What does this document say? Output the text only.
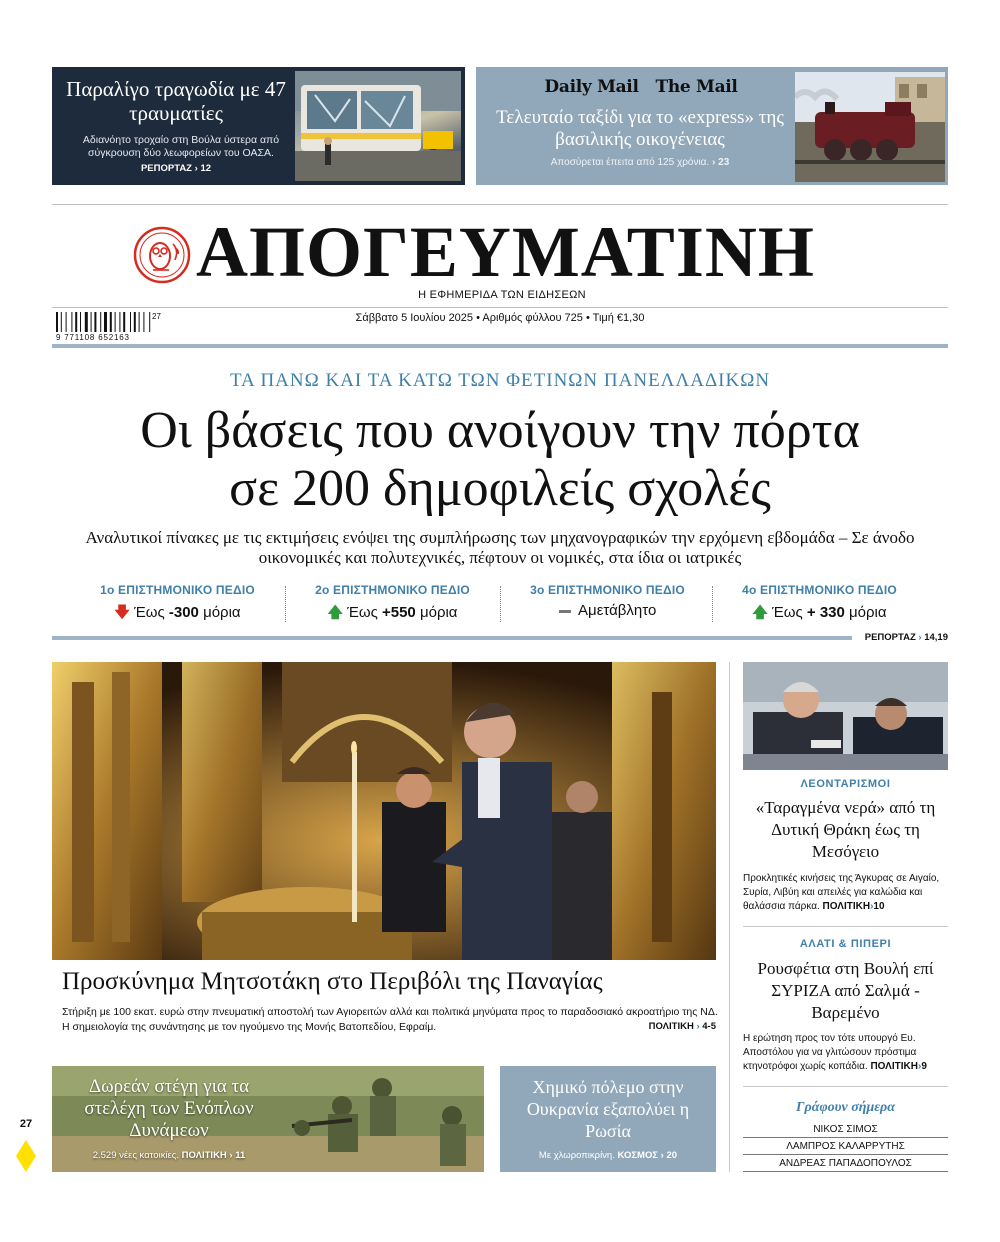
Παραλίγο τραγωδία με 47 τραυματίες
Αδιανόητο τροχαίο στη Βούλα ύστερα από σύγκρουση δύο λεωφορείων του ΟΑΣΑ.
ΡΕΠΟΡΤΑΖ › 12
Daily Mail The Mail
Τελευταίο ταξίδι για το «express» της βασιλικής οικογένειας
Αποσύρεται έπειτα από 125 χρόνια. › 23
ΑΠΟΓΕΥΜΑΤΙΝΗ
Η ΕΦΗΜΕΡΙΔΑ ΤΩΝ ΕΙΔΗΣΕΩΝ
9 771108 652163
27	Σάββατο 5 Ιουλίου 2025 • Αριθμός φύλλου 725 • Τιμή €1,30
ΤΑ ΠΑΝΩ ΚΑΙ ΤΑ ΚΑΤΩ ΤΩΝ ΦΕΤΙΝΩΝ ΠΑΝΕΛΛΑΔΙΚΩΝ
Οι βάσεις που ανοίγουν την πόρτα
σε 200 δημοφιλείς σχολές
Αναλυτικοί πίνακες με τις εκτιμήσεις ενόψει της συμπλήρωσης των μηχανογραφικών την ερχόμενη εβδομάδα – Σε άνοδο οικονομικές και πολυτεχνικές, πέφτουν οι νομικές, στα ίδια οι ιατρικές
1ο ΕΠΙΣΤΗΜΟΝΙΚΟ ΠΕΔΙΟ
🡇 Έως -300 μόρια
2ο ΕΠΙΣΤΗΜΟΝΙΚΟ ΠΕΔΙΟ
🡅 Έως +550 μόρια
3ο ΕΠΙΣΤΗΜΟΝΙΚΟ ΠΕΔΙΟ
Αμετάβλητο
4ο ΕΠΙΣΤΗΜΟΝΙΚΟ ΠΕΔΙΟ
🡅 Έως + 330 μόρια
ΡΕΠΟΡΤΑΖ › 14,19
Προσκύνημα Μητσοτάκη στο Περιβόλι της Παναγίας
Στήριξη με 100 εκατ. ευρώ στην πνευματική αποστολή των Αγιορειτών αλλά και πολιτικά μηνύματα προς το παραδοσιακό ακροατήριο της ΝΔ. Η σημειολογία της συνάντησης με τον ηγούμενο της Μονής Βατοπεδίου, Εφραίμ.	ΠΟΛΙΤΙΚΗ › 4-5
ΛΕΟΝΤΑΡΙΣΜΟΙ
«Ταραγμένα νερά» από τη Δυτική Θράκη έως τη Μεσόγειο
Προκλητικές κινήσεις της Άγκυρας σε Αιγαίο, Συρία, Λιβύη και απειλές για καλώδια και θαλάσσια πάρκα. ΠΟΛΙΤΙΚΗ›10
ΑΛΑΤΙ & ΠΙΠΕΡΙ
Ρουσφέτια στη Βουλή επί ΣΥΡΙΖΑ από Σαλμά - Βαρεμένο
Η ερώτηση προς τον τότε υπουργό Ευ. Αποστόλου για να γλιτώσουν πρόστιμα κτηνοτρόφοι χωρίς κοπάδια. ΠΟΛΙΤΙΚΗ›9
Γράφουν σήμερα
ΝΙΚΟΣ ΣΙΜΟΣ
ΛΑΜΠΡΟΣ ΚΑΛΑΡΡΥΤΗΣ
ΑΝΔΡΕΑΣ ΠΑΠΑΔΟΠΟΥΛΟΣ
Δωρεάν στέγη για τα στελέχη των Ενόπλων Δυνάμεων
2.529 νέες κατοικίες. ΠΟΛΙΤΙΚΗ › 11
Χημικό πόλεμο στην Ουκρανία εξαπολύει η Ρωσία
Με χλωροπικρίνη. ΚΟΣΜΟΣ › 20
27
